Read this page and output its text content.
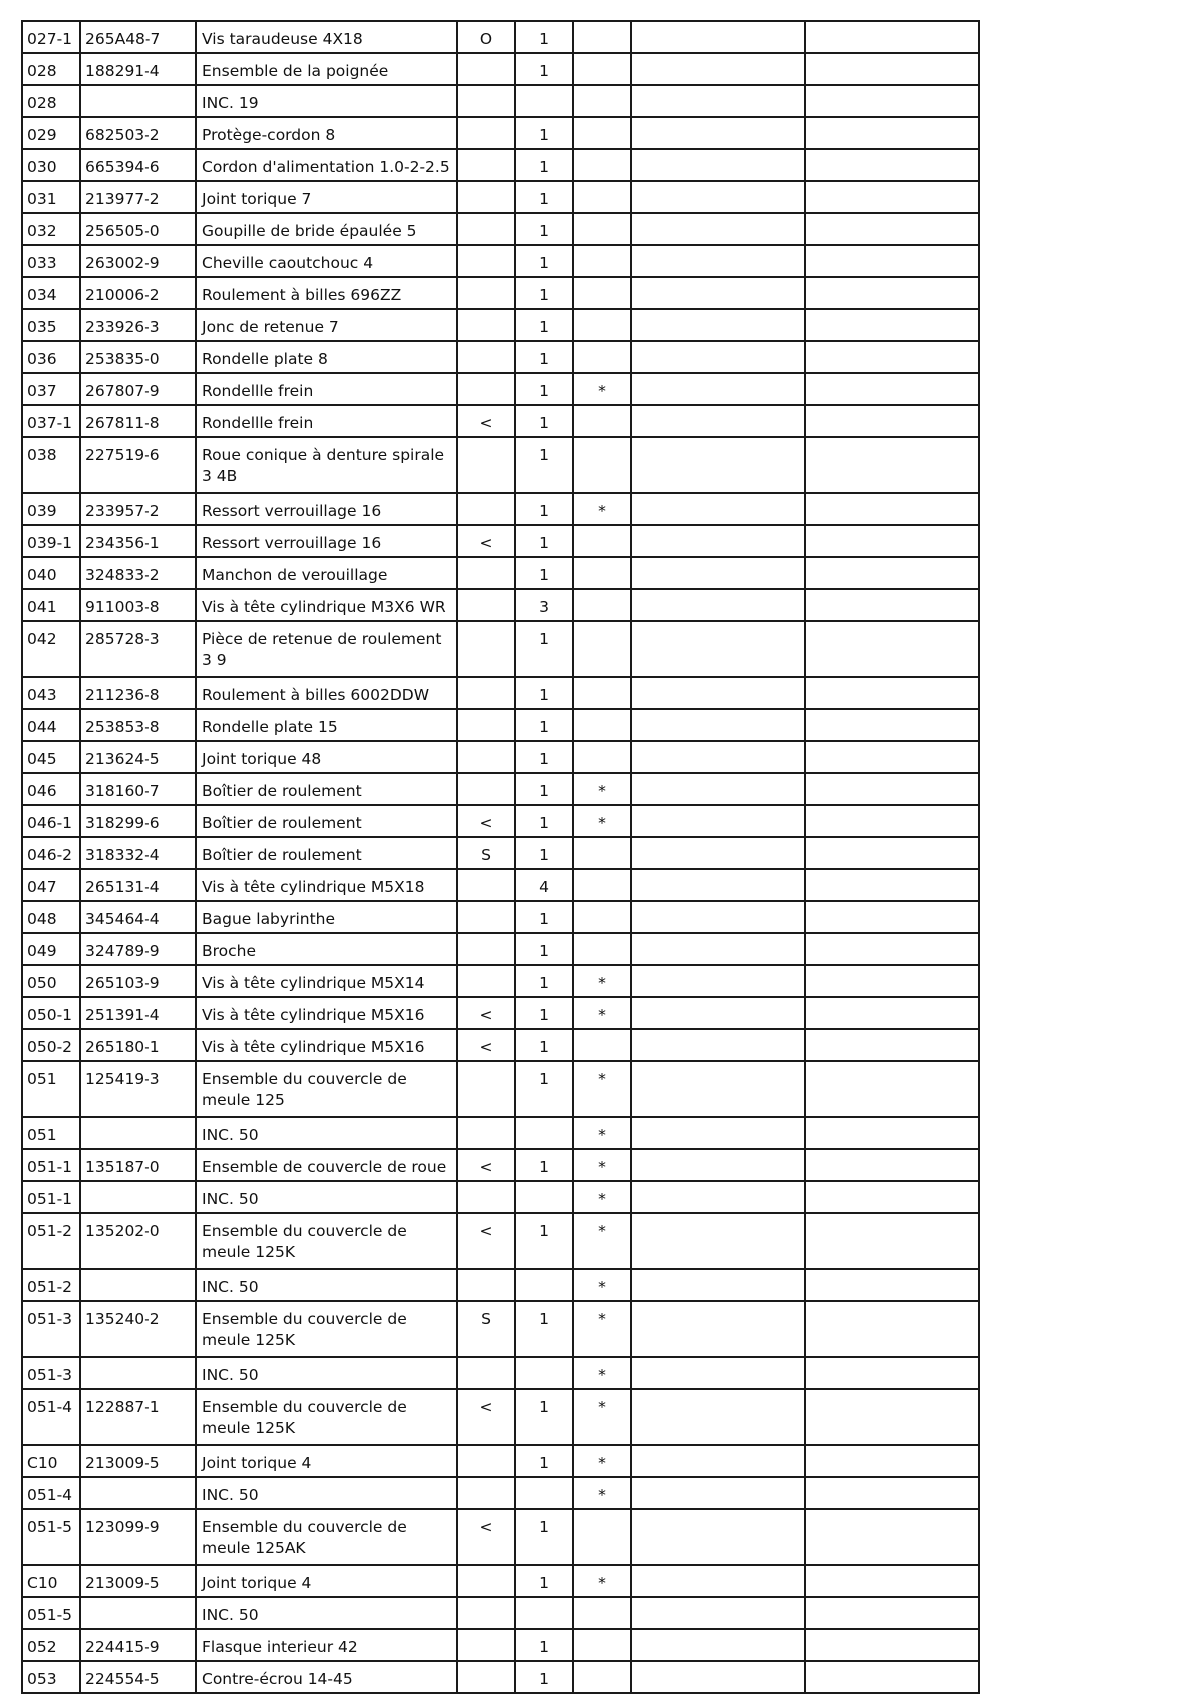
027-1	265A48-7	Vis taraudeuse 4X18	O	1			
028	188291-4	Ensemble de la poignée		1			
028		INC. 19					
029	682503-2	Protège-cordon 8		1			
030	665394-6	Cordon d'alimentation 1.0-2-2.5		1			
031	213977-2	Joint torique 7		1			
032	256505-0	Goupille de bride épaulée 5		1			
033	263002-9	Cheville caoutchouc 4		1			
034	210006-2	Roulement à billes 696ZZ		1			
035	233926-3	Jonc de retenue 7		1			
036	253835-0	Rondelle plate 8		1			
037	267807-9	Rondellle frein		1	*		
037-1	267811-8	Rondellle frein	<	1			
038	227519-6	Roue conique à denture spirale 3 4B		1			
039	233957-2	Ressort verrouillage 16		1	*		
039-1	234356-1	Ressort verrouillage 16	<	1			
040	324833-2	Manchon de verouillage		1			
041	911003-8	Vis à tête cylindrique M3X6 WR		3			
042	285728-3	Pièce de retenue de roulement 3 9		1			
043	211236-8	Roulement à billes 6002DDW		1			
044	253853-8	Rondelle plate 15		1			
045	213624-5	Joint torique 48		1			
046	318160-7	Boîtier de roulement		1	*		
046-1	318299-6	Boîtier de roulement	<	1	*		
046-2	318332-4	Boîtier de roulement	S	1			
047	265131-4	Vis à tête cylindrique M5X18		4			
048	345464-4	Bague labyrinthe		1			
049	324789-9	Broche		1			
050	265103-9	Vis à tête cylindrique M5X14		1	*		
050-1	251391-4	Vis à tête cylindrique M5X16	<	1	*		
050-2	265180-1	Vis à tête cylindrique M5X16	<	1			
051	125419-3	Ensemble du couvercle de meule 125		1	*		
051		INC. 50			*		
051-1	135187-0	Ensemble de couvercle de roue	<	1	*		
051-1		INC. 50			*		
051-2	135202-0	Ensemble du couvercle de meule 125K	<	1	*		
051-2		INC. 50			*		
051-3	135240-2	Ensemble du couvercle de meule 125K	S	1	*		
051-3		INC. 50			*		
051-4	122887-1	Ensemble du couvercle de meule 125K	<	1	*		
C10	213009-5	Joint torique 4		1	*		
051-4		INC. 50			*		
051-5	123099-9	Ensemble du couvercle de meule 125AK	<	1			
C10	213009-5	Joint torique 4		1	*		
051-5		INC. 50					
052	224415-9	Flasque interieur 42		1			
053	224554-5	Contre-écrou 14-45		1			
